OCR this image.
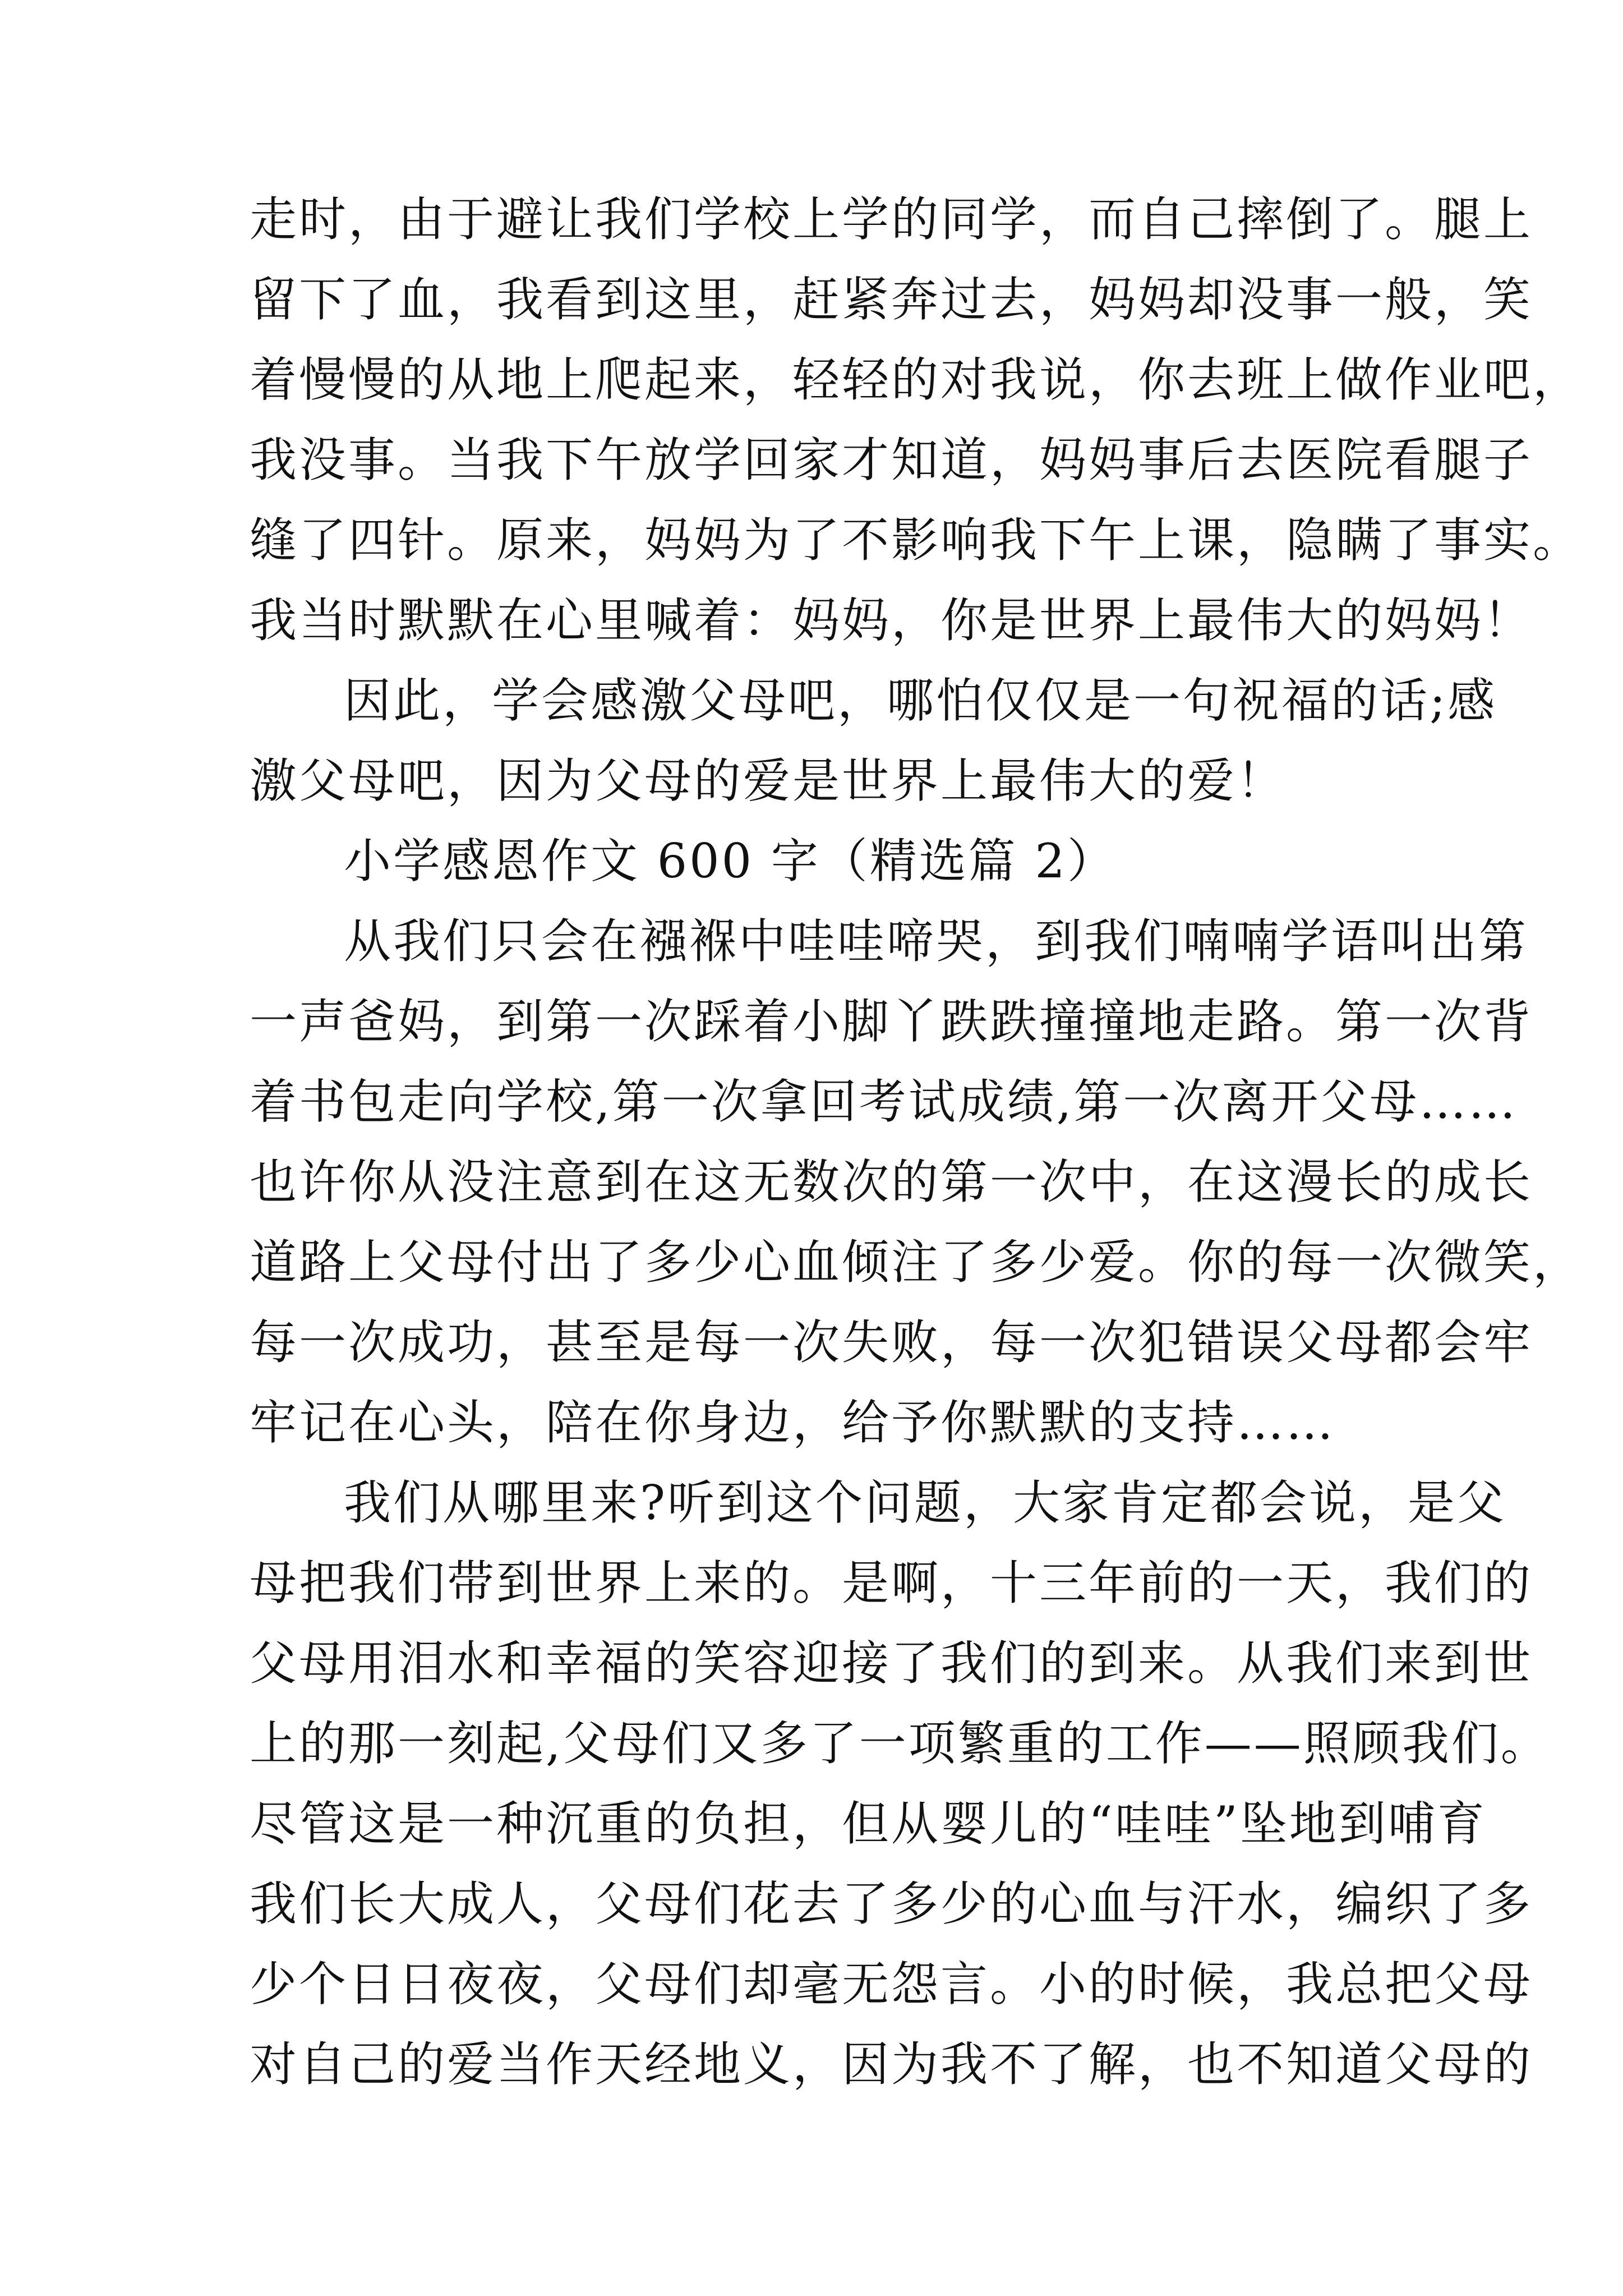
走时，由于避让我们学校上学的同学，而自己摔倒了。腿上
留下了血，我看到这里，赶紧奔过去，妈妈却没事一般，笑
着慢慢的从地上爬起来，轻轻的对我说，你去班上做作业吧，
我没事。当我下午放学回家才知道，妈妈事后去医院看腿子
缝了四针。原来，妈妈为了不影响我下午上课，隐瞒了事实。
我当时默默在心里喊着：妈妈，你是世界上最伟大的妈妈！
因此，学会感激父母吧，哪怕仅仅是一句祝福的话;感
激父母吧，因为父母的爱是世界上最伟大的爱！
小学感恩作文 600 字（精选篇 2）
从我们只会在襁褓中哇哇啼哭，到我们喃喃学语叫出第
一声爸妈，到第一次踩着小脚丫跌跌撞撞地走路。第一次背
着书包走向学校,第一次拿回考试成绩,第一次离开父母……
也许你从没注意到在这无数次的第一次中，在这漫长的成长
道路上父母付出了多少心血倾注了多少爱。你的每一次微笑，
每一次成功，甚至是每一次失败，每一次犯错误父母都会牢
牢记在心头，陪在你身边，给予你默默的支持……
我们从哪里来?听到这个问题，大家肯定都会说，是父
母把我们带到世界上来的。是啊，十三年前的一天，我们的
父母用泪水和幸福的笑容迎接了我们的到来。从我们来到世
上的那一刻起,父母们又多了一项繁重的工作——照顾我们。
尽管这是一种沉重的负担，但从婴儿的“哇哇”坠地到哺育
我们长大成人，父母们花去了多少的心血与汗水，编织了多
少个日日夜夜，父母们却毫无怨言。小的时候，我总把父母
对自己的爱当作天经地义，因为我不了解，也不知道父母的
